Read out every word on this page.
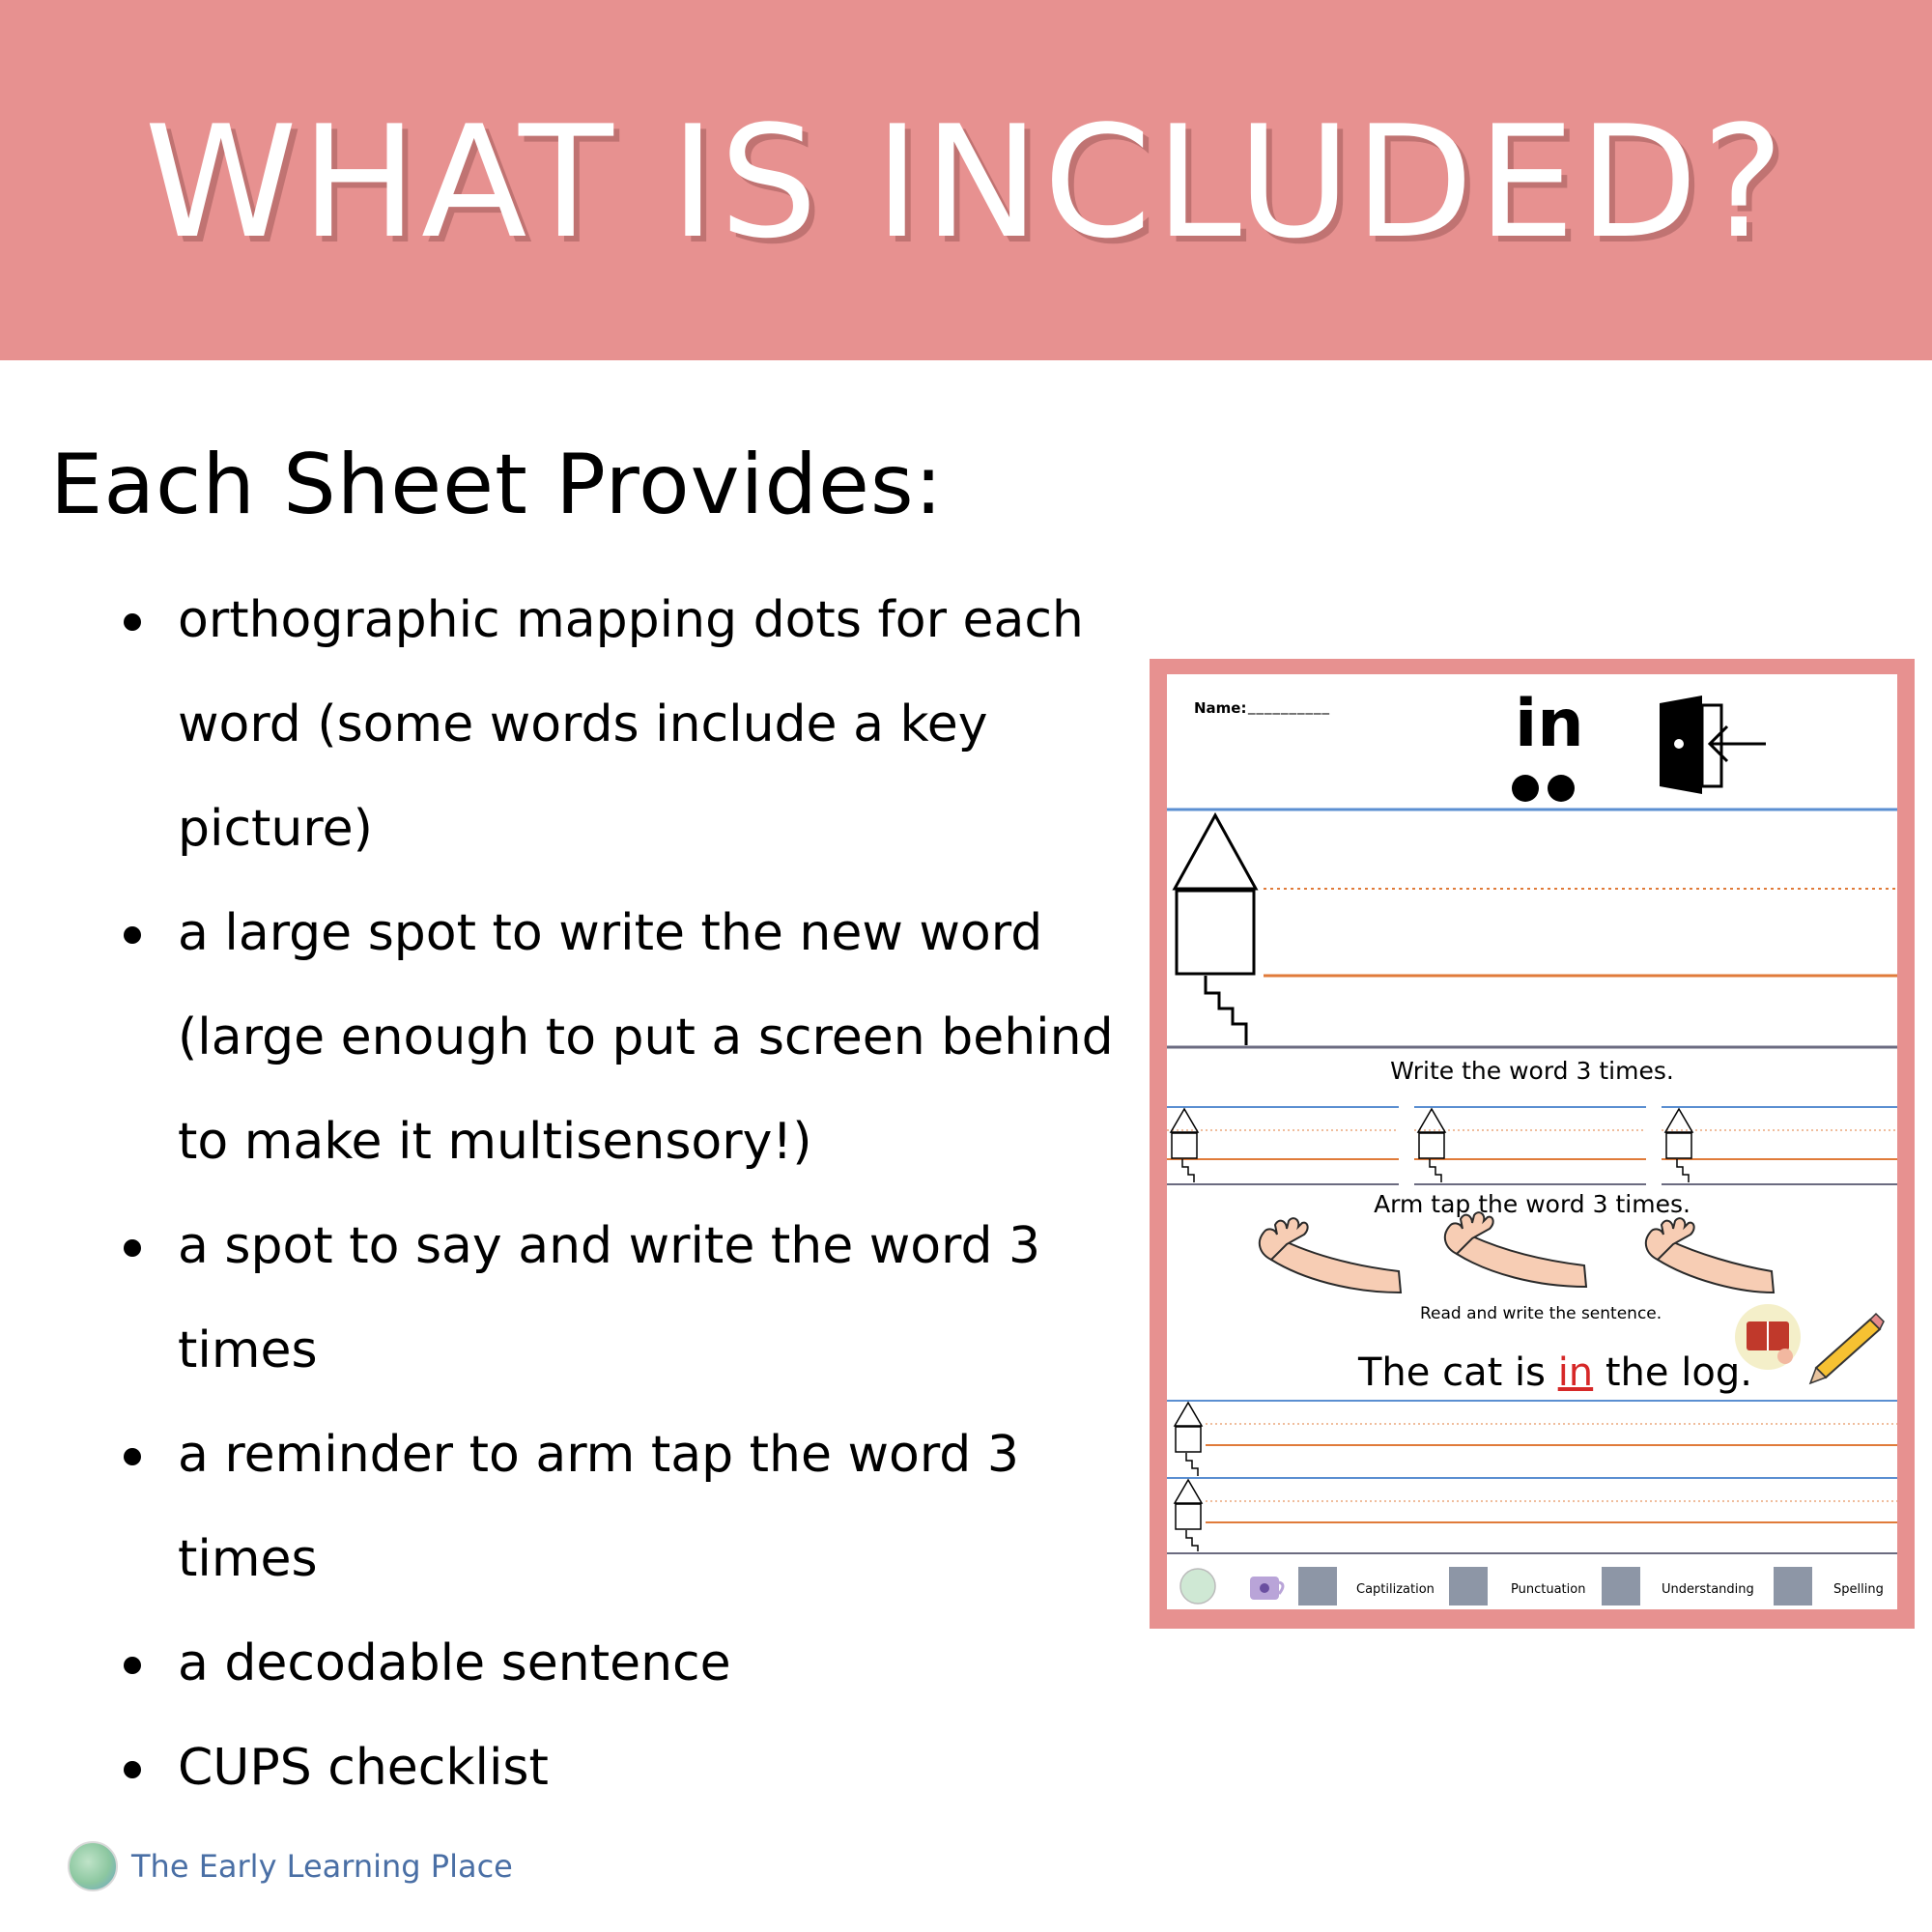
WHAT IS INCLUDED?
Each Sheet Provides:
orthographic mapping dots for each word (some words include a key picture)
a large spot to write the new word (large enough to put a screen behind to make it multisensory!)
a spot to say and write the word 3 times
a reminder to arm tap the word 3 times
a decodable sentence
CUPS checklist
The Early Learning Place
Name: __________	in
Write the word 3 times.
Arm tap the word 3 times.
Read and write the sentence.
The cat is in the log.
Captilization	Punctuation	Understanding	Spelling
